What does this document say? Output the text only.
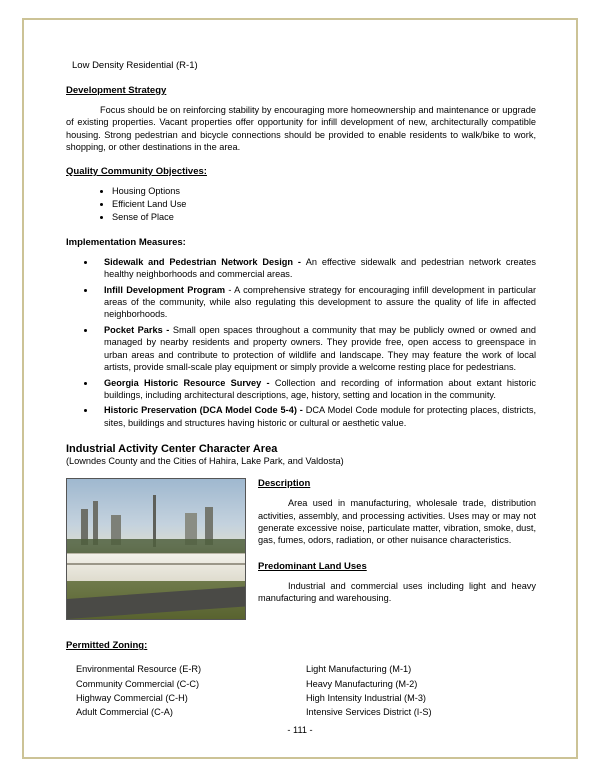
Low Density Residential (R-1)
Development Strategy
Focus should be on reinforcing stability by encouraging more homeownership and maintenance or upgrade of existing properties. Vacant properties offer opportunity for infill development of new, architecturally compatible housing. Strong pedestrian and bicycle connections should be provided to enable residents to walk/bike to work, shopping, or other destinations in the area.
Quality Community Objectives:
• Housing Options
• Efficient Land Use
• Sense of Place
Implementation Measures:
• Sidewalk and Pedestrian Network Design - An effective sidewalk and pedestrian network creates healthy neighborhoods and commercial areas.
• Infill Development Program - A comprehensive strategy for encouraging infill development in particular areas of the community, while also regulating this development to assure the quality of life in affected neighborhoods.
• Pocket Parks - Small open spaces throughout a community that may be publicly owned or owned and managed by nearby residents and property owners. They provide free, open access to greenspace in urban areas and contribute to protection of wildlife and landscape. They may feature the work of local artists, provide small-scale play equipment or simply provide a welcome resting place for pedestrians.
• Georgia Historic Resource Survey - Collection and recording of information about extant historic buildings, including architectural descriptions, age, history, setting and location in the community.
• Historic Preservation (DCA Model Code 5-4) - DCA Model Code module for protecting places, districts, sites, buildings and structures having historic or cultural or aesthetic value.
Industrial Activity Center Character Area
(Lowndes County and the Cities of Hahira, Lake Park, and Valdosta)
Description
Area used in manufacturing, wholesale trade, distribution activities, assembly, and processing activities. Uses may or may not generate excessive noise, particulate matter, vibration, smoke, dust, gas, fumes, odors, radiation, or other nuisance characteristics.
Predominant Land Uses
Industrial and commercial uses including light and heavy manufacturing and warehousing.
Permitted Zoning:

Environmental Resource (E-R)

Community Commercial (C-C)

Highway Commercial (C-H)

Adult Commercial (C-A)

Light Manufacturing (M-1)

Heavy Manufacturing (M-2)

High Intensity Industrial (M-3)

Intensive Services District (I-S)

- 111 -
